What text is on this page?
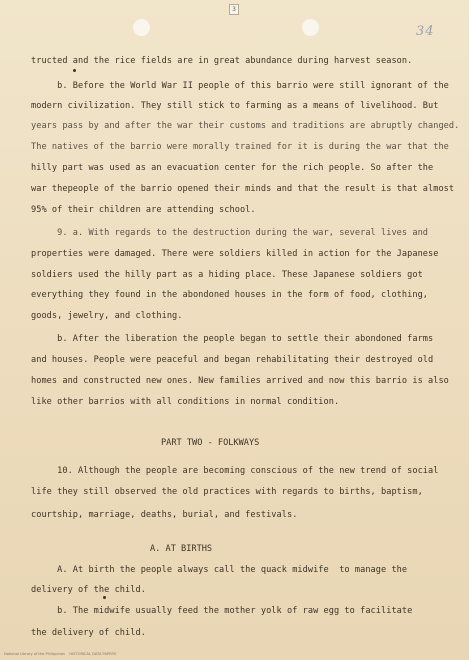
3
34
tructed and the rice fields are in great abundance during harvest season.
b. Before the World War II people of this barrio were still ignorant of the
modern civilization. They still stick to farming as a means of livelihood. But
years pass by and after the war their customs and traditions are abruptly changed.
The natives of the barrio were morally trained for it is during the war that the
hilly part was used as an evacuation center for the rich people. So after the
war thepeople of the barrio opened their minds and that the result is that almost
95% of their children are attending school.
9. a. With regards to the destruction during the war, several lives and
properties were damaged. There were soldiers killed in action for the Japanese
soldiers used the hilly part as a hiding place. These Japanese soldiers got
everything they found in the abondoned houses in the form of food, clothing,
goods, jewelry, and clothing.
b. After the liberation the people began to settle their abondoned farms
and houses. People were peaceful and began rehabilitating their destroyed old
homes and constructed new ones. New families arrived and now this barrio is also
like other barrios with all conditions in normal condition.
PART TWO - FOLKWAYS
10. Although the people are becoming conscious of the new trend of social
life they still observed the old practices with regards to births, baptism,
courtship, marriage, deaths, burial, and festivals.
A. AT BIRTHS
A. At birth the people always call the quack midwife  to manage the
delivery of the child.
b. The midwife usually feed the mother yolk of raw egg to facilitate
the delivery of child.
National Library of the Philippines    HISTORICAL DATA PAPERS
